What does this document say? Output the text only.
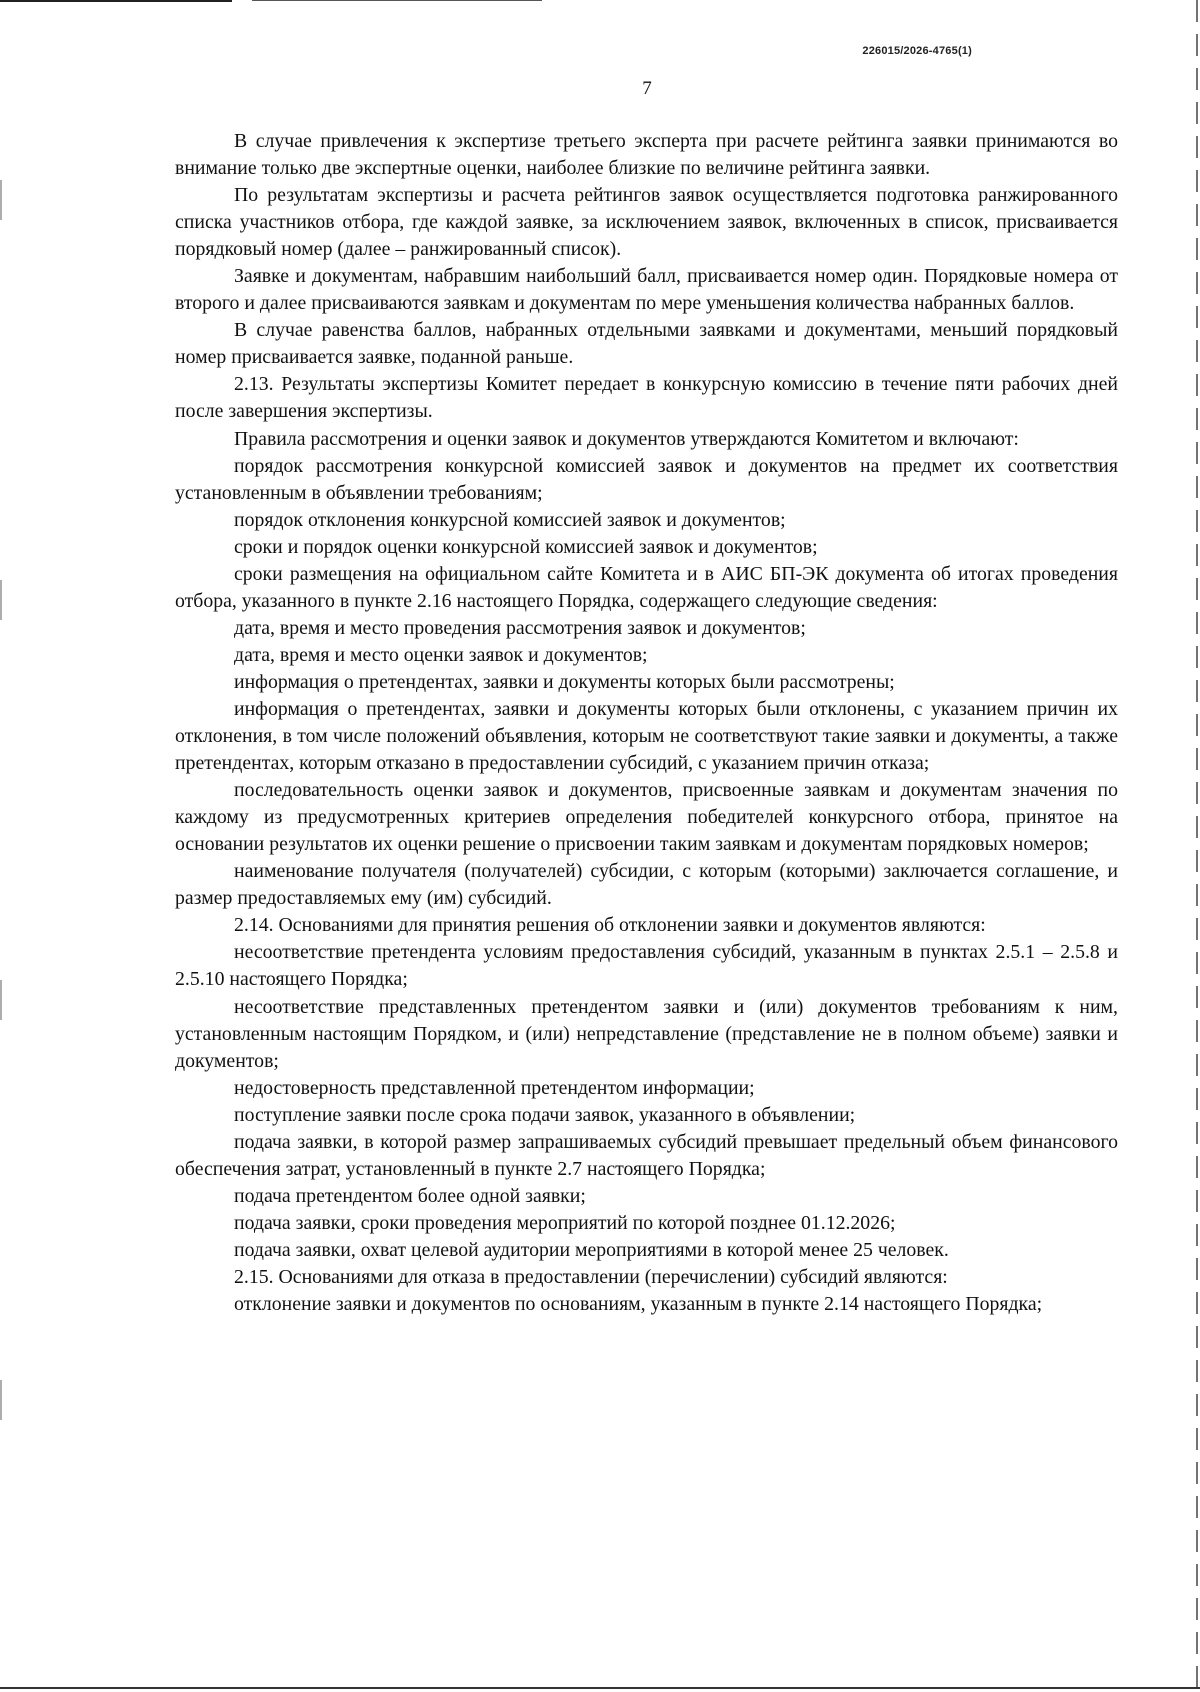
226015/2026-4765(1)
7

В случае привлечения к экспертизе третьего эксперта при расчете рейтинга заявки принимаются во внимание только две экспертные оценки, наиболее близкие по величине рейтинга заявки.

По результатам экспертизы и расчета рейтингов заявок осуществляется подготовка ранжированного списка участников отбора, где каждой заявке, за исключением заявок, включенных в список, присваивается порядковый номер (далее – ранжированный список).

Заявке и документам, набравшим наибольший балл, присваивается номер один. Порядковые номера от второго и далее присваиваются заявкам и документам по мере уменьшения количества набранных баллов.

В случае равенства баллов, набранных отдельными заявками и документами, меньший порядковый номер присваивается заявке, поданной раньше.

2.13. Результаты экспертизы Комитет передает в конкурсную комиссию в течение пяти рабочих дней после завершения экспертизы.

Правила рассмотрения и оценки заявок и документов утверждаются Комитетом и включают:

порядок рассмотрения конкурсной комиссией заявок и документов на предмет их соответствия установленным в объявлении требованиям;

порядок отклонения конкурсной комиссией заявок и документов;

сроки и порядок оценки конкурсной комиссией заявок и документов;

сроки размещения на официальном сайте Комитета и в АИС БП-ЭК документа об итогах проведения отбора, указанного в пункте 2.16 настоящего Порядка, содержащего следующие сведения:

дата, время и место проведения рассмотрения заявок и документов;

дата, время и место оценки заявок и документов;

информация о претендентах, заявки и документы которых были рассмотрены;

информация о претендентах, заявки и документы которых были отклонены, с указанием причин их отклонения, в том числе положений объявления, которым не соответствуют такие заявки и документы, а также претендентах, которым отказано в предоставлении субсидий, с указанием причин отказа;

последовательность оценки заявок и документов, присвоенные заявкам и документам значения по каждому из предусмотренных критериев определения победителей конкурсного отбора, принятое на основании результатов их оценки решение о присвоении таким заявкам и документам порядковых номеров;

наименование получателя (получателей) субсидии, с которым (которыми) заключается соглашение, и размер предоставляемых ему (им) субсидий.

2.14. Основаниями для принятия решения об отклонении заявки и документов являются:

несоответствие претендента условиям предоставления субсидий, указанным в пунктах 2.5.1 – 2.5.8 и 2.5.10 настоящего Порядка;

несоответствие представленных претендентом заявки и (или) документов требованиям к ним, установленным настоящим Порядком, и (или) непредставление (представление не в полном объеме) заявки и документов;

недостоверность представленной претендентом информации;

поступление заявки после срока подачи заявок, указанного в объявлении;

подача заявки, в которой размер запрашиваемых субсидий превышает предельный объем финансового обеспечения затрат, установленный в пункте 2.7 настоящего Порядка;

подача претендентом более одной заявки;

подача заявки, сроки проведения мероприятий по которой позднее 01.12.2026;

подача заявки, охват целевой аудитории мероприятиями в которой менее 25 человек.

2.15. Основаниями для отказа в предоставлении (перечислении) субсидий являются:

отклонение заявки и документов по основаниям, указанным в пункте 2.14 настоящего Порядка;
